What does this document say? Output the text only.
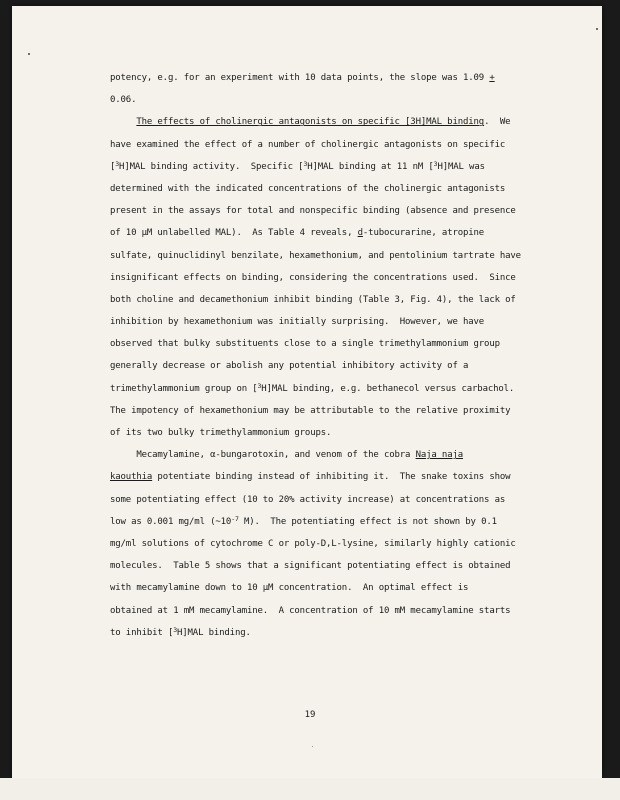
potency, e.g. for an experiment with 10 data points, the slope was 1.09 +
0.06.
The effects of cholinergic antagonists on specific [3H]MAL binding.  We
have examined the effect of a number of cholinergic antagonists on specific
[$^3$H]MAL binding activity.  Specific [$^3$H]MAL binding at 11 nM [$^3$H]MAL was
determined with the indicated concentrations of the cholinergic antagonists
present in the assays for total and nonspecific binding (absence and presence
of 10 µM unlabelled MAL).  As Table 4 reveals, d-tubocurarine, atropine
sulfate, quinuclidinyl benzilate, hexamethonium, and pentolinium tartrate have
insignificant effects on binding, considering the concentrations used.  Since
both choline and decamethonium inhibit binding (Table 3, Fig. 4), the lack of
inhibition by hexamethonium was initially surprising.  However, we have
observed that bulky substituents close to a single trimethylammonium group
generally decrease or abolish any potential inhibitory activity of a
trimethylammonium group on [$^3$H]MAL binding, e.g. bethanecol versus carbachol.
The impotency of hexamethonium may be attributable to the relative proximity
of its two bulky trimethylammonium groups.
Mecamylamine, α-bungarotoxin, and venom of the cobra Naja naja
kaouthia potentiate binding instead of inhibiting it.  The snake toxins show
some potentiating effect (10 to 20% activity increase) at concentrations as
low as 0.001 mg/ml ($\sim 10^{-7}$ M).  The potentiating effect is not shown by 0.1
mg/ml solutions of cytochrome C or poly-D,L-lysine, similarly highly cationic
molecules.  Table 5 shows that a significant potentiating effect is obtained
with mecamylamine down to 10 µM concentration.  An optimal effect is
obtained at 1 mM mecamylamine.  A concentration of 10 mM mecamylamine starts
to inhibit [$^3$H]MAL binding.
19
